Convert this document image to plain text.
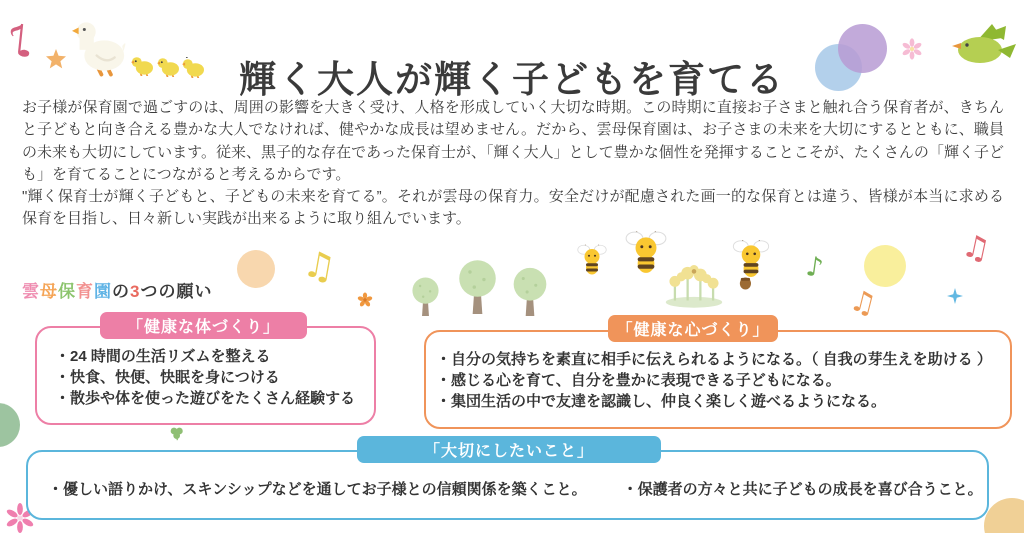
♪
♫	♪
♫
♫
輝く大人が輝く子どもを育てる

お子様が保育園で過ごすのは、周囲の影響を大きく受け、人格を形成していく大切な時期。この時期に直接お子さまと触れ合う保育者が、きちんと子どもと向き合える豊かな大人でなければ、健やかな成長は望めません。だから、雲母保育園は、お子さまの未来を大切にするとともに、職員の未来も大切にしています。従来、黒子的な存在であった保育士が、「輝く大人」として豊かな個性を発揮することこそが、たくさんの「輝く子ども」を育てることにつながると考えるからです。

"輝く保育士が輝く子どもと、子どもの未来を育てる”。それが雲母の保育力。安全だけが配慮された画一的な保育とは違う、皆様が本当に求める保育を目指し、日々新しい実践が出来るように取り組んでいます。

雲母保育園の3つの願い
「健康な体づくり」
・24 時間の生活リズムを整える
・快食、快便、快眠を身につける
・散歩や体を使った遊びをたくさん経験する
「健康な心づくり」
・自分の気持ちを素直に相手に伝えられるようになる。（ 自我の芽生えを助ける ）
・感じる心を育て、自分を豊かに表現できる子どもになる。
・集団生活の中で友達を認識し、仲良く楽しく遊べるようになる。
「大切にしたいこと」
・優しい語りかけ、スキンシップなどを通してお子様との信頼関係を築くこと。 ・保護者の方々と共に子どもの成長を喜び合うこと。
